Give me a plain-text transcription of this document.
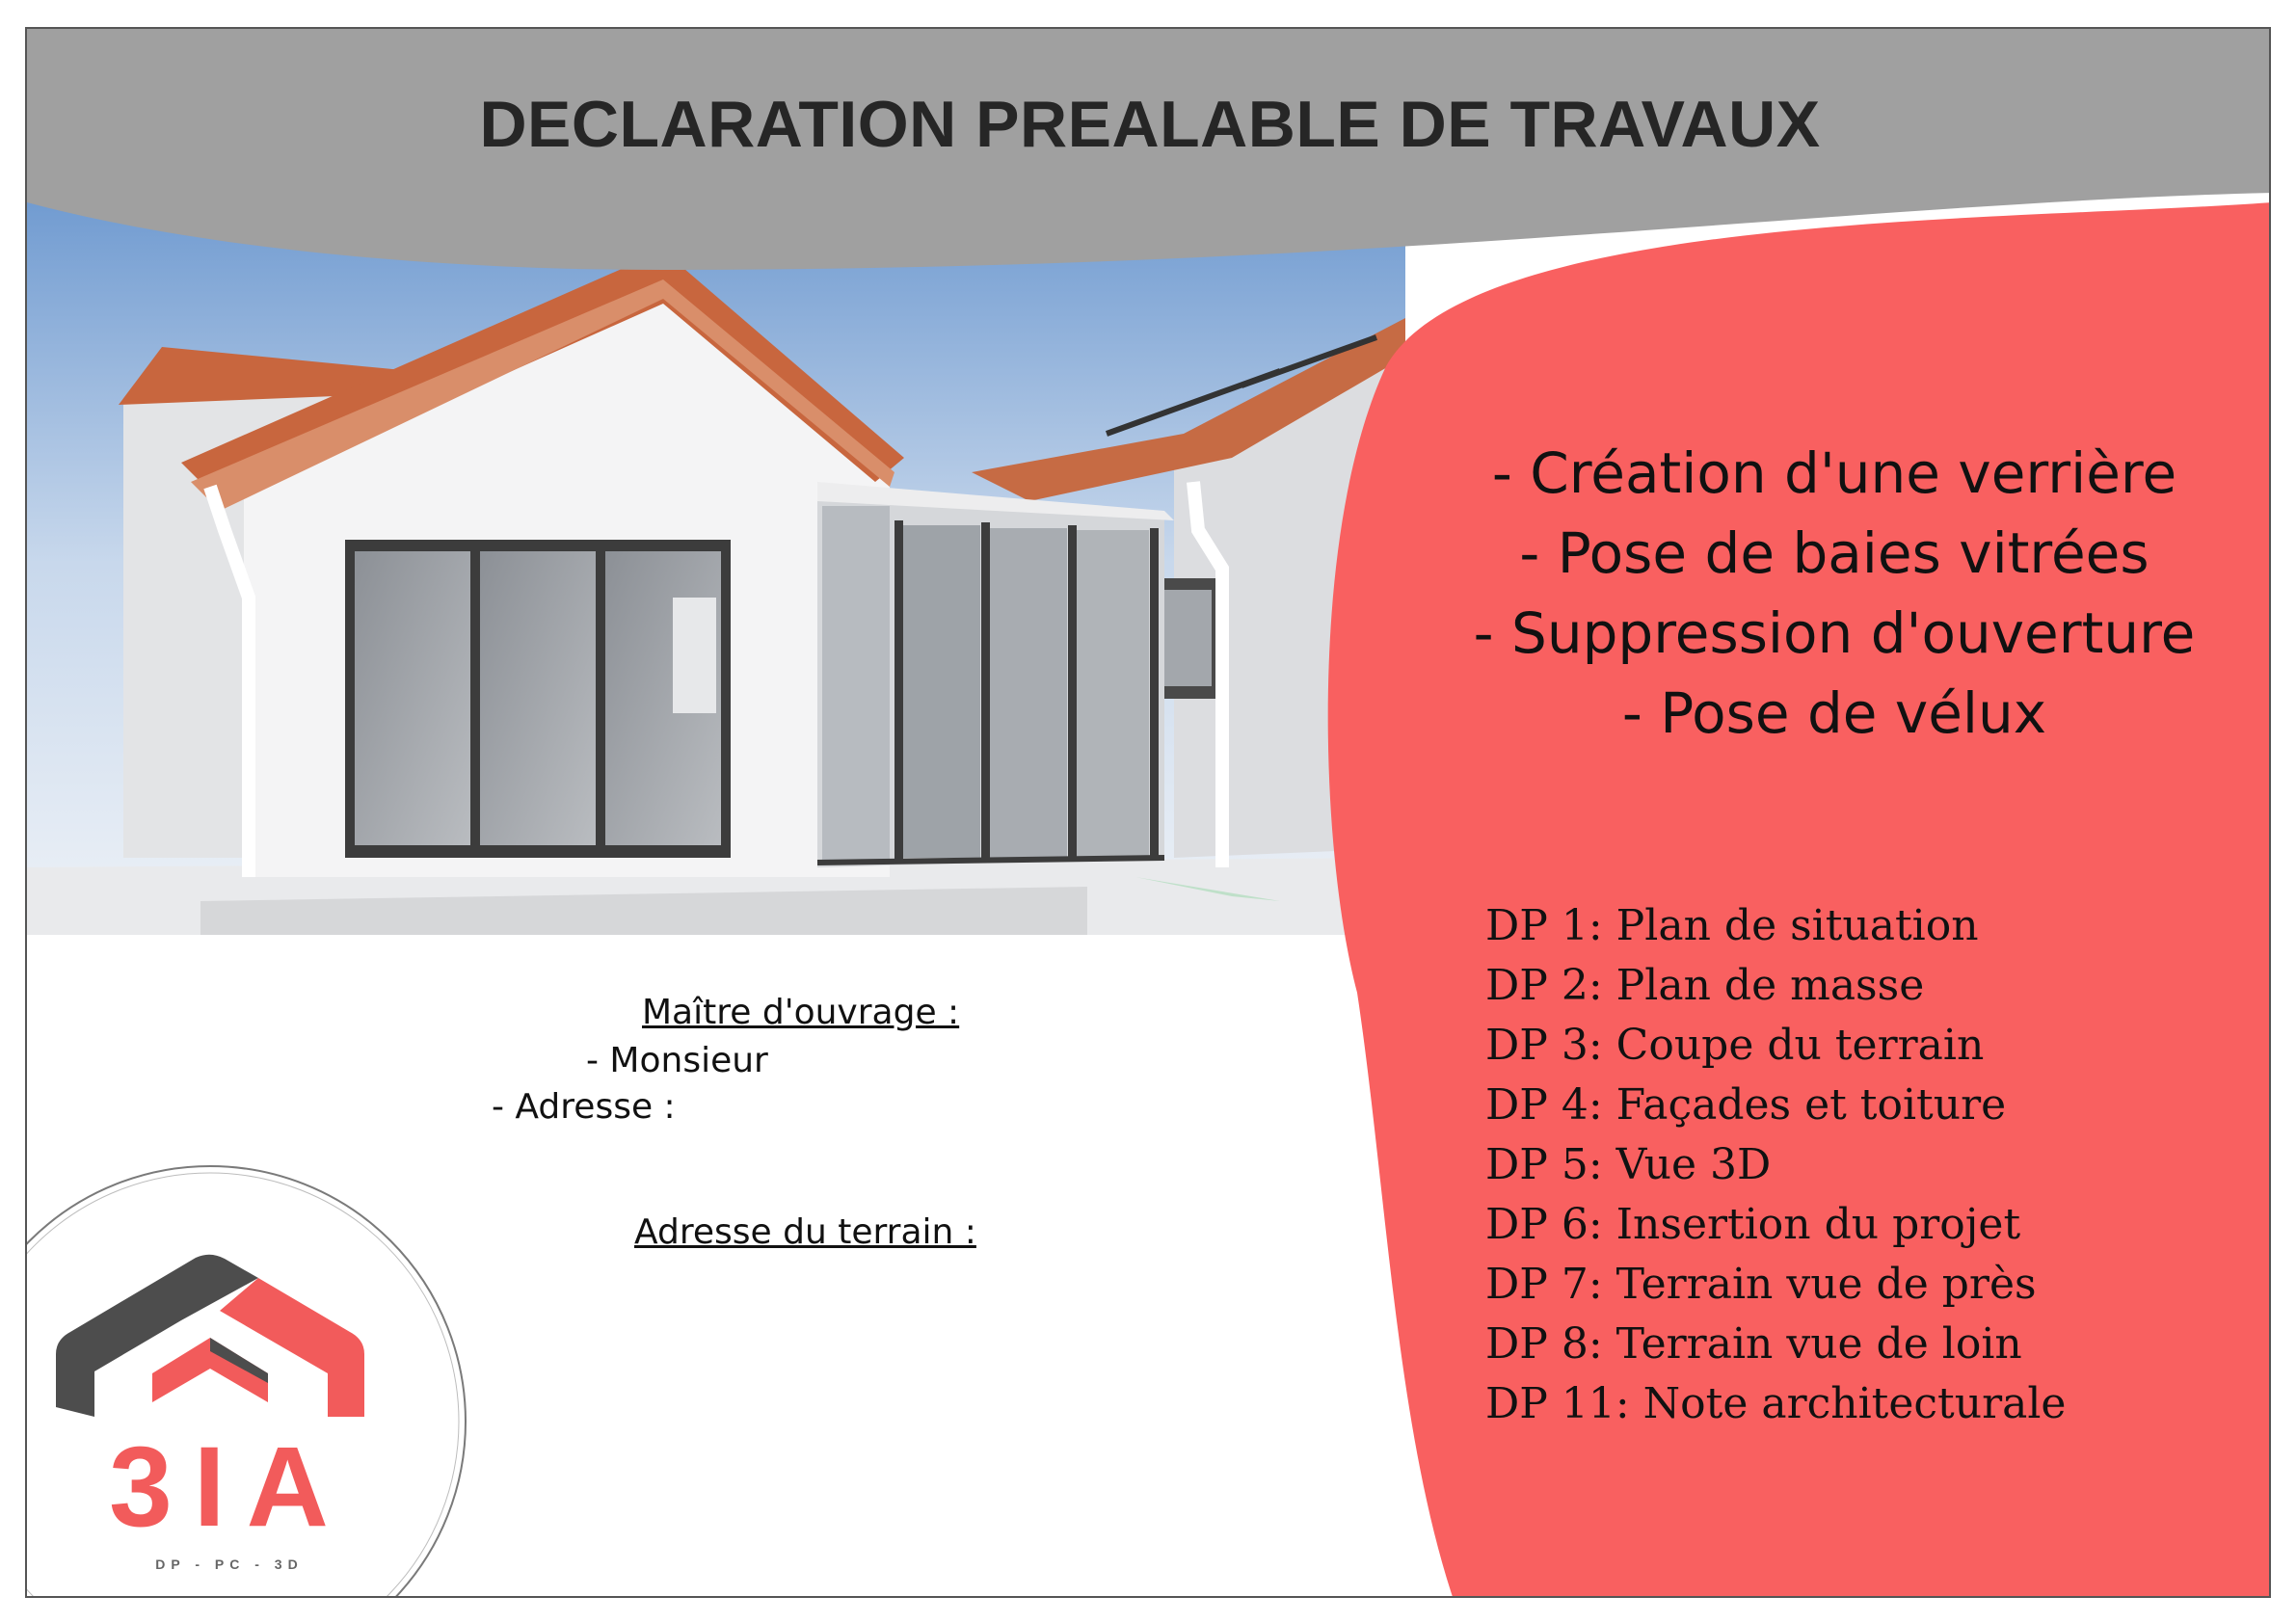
DECLARATION PREALABLE DE TRAVAUX
- Création d'une verrière
- Pose de baies vitrées
- Suppression d'ouverture
- Pose de vélux
DP 1: Plan de situation
DP 2: Plan de masse
DP 3: Coupe du terrain
DP 4: Façades et toiture
DP 5: Vue 3D
DP 6: Insertion du projet
DP 7: Terrain vue de près
DP 8: Terrain vue de loin
DP 11: Note architecturale
Maître d'ouvrage :
- Monsieur
- Adresse :
Adresse du terrain :
3IA
DP - PC - 3D
